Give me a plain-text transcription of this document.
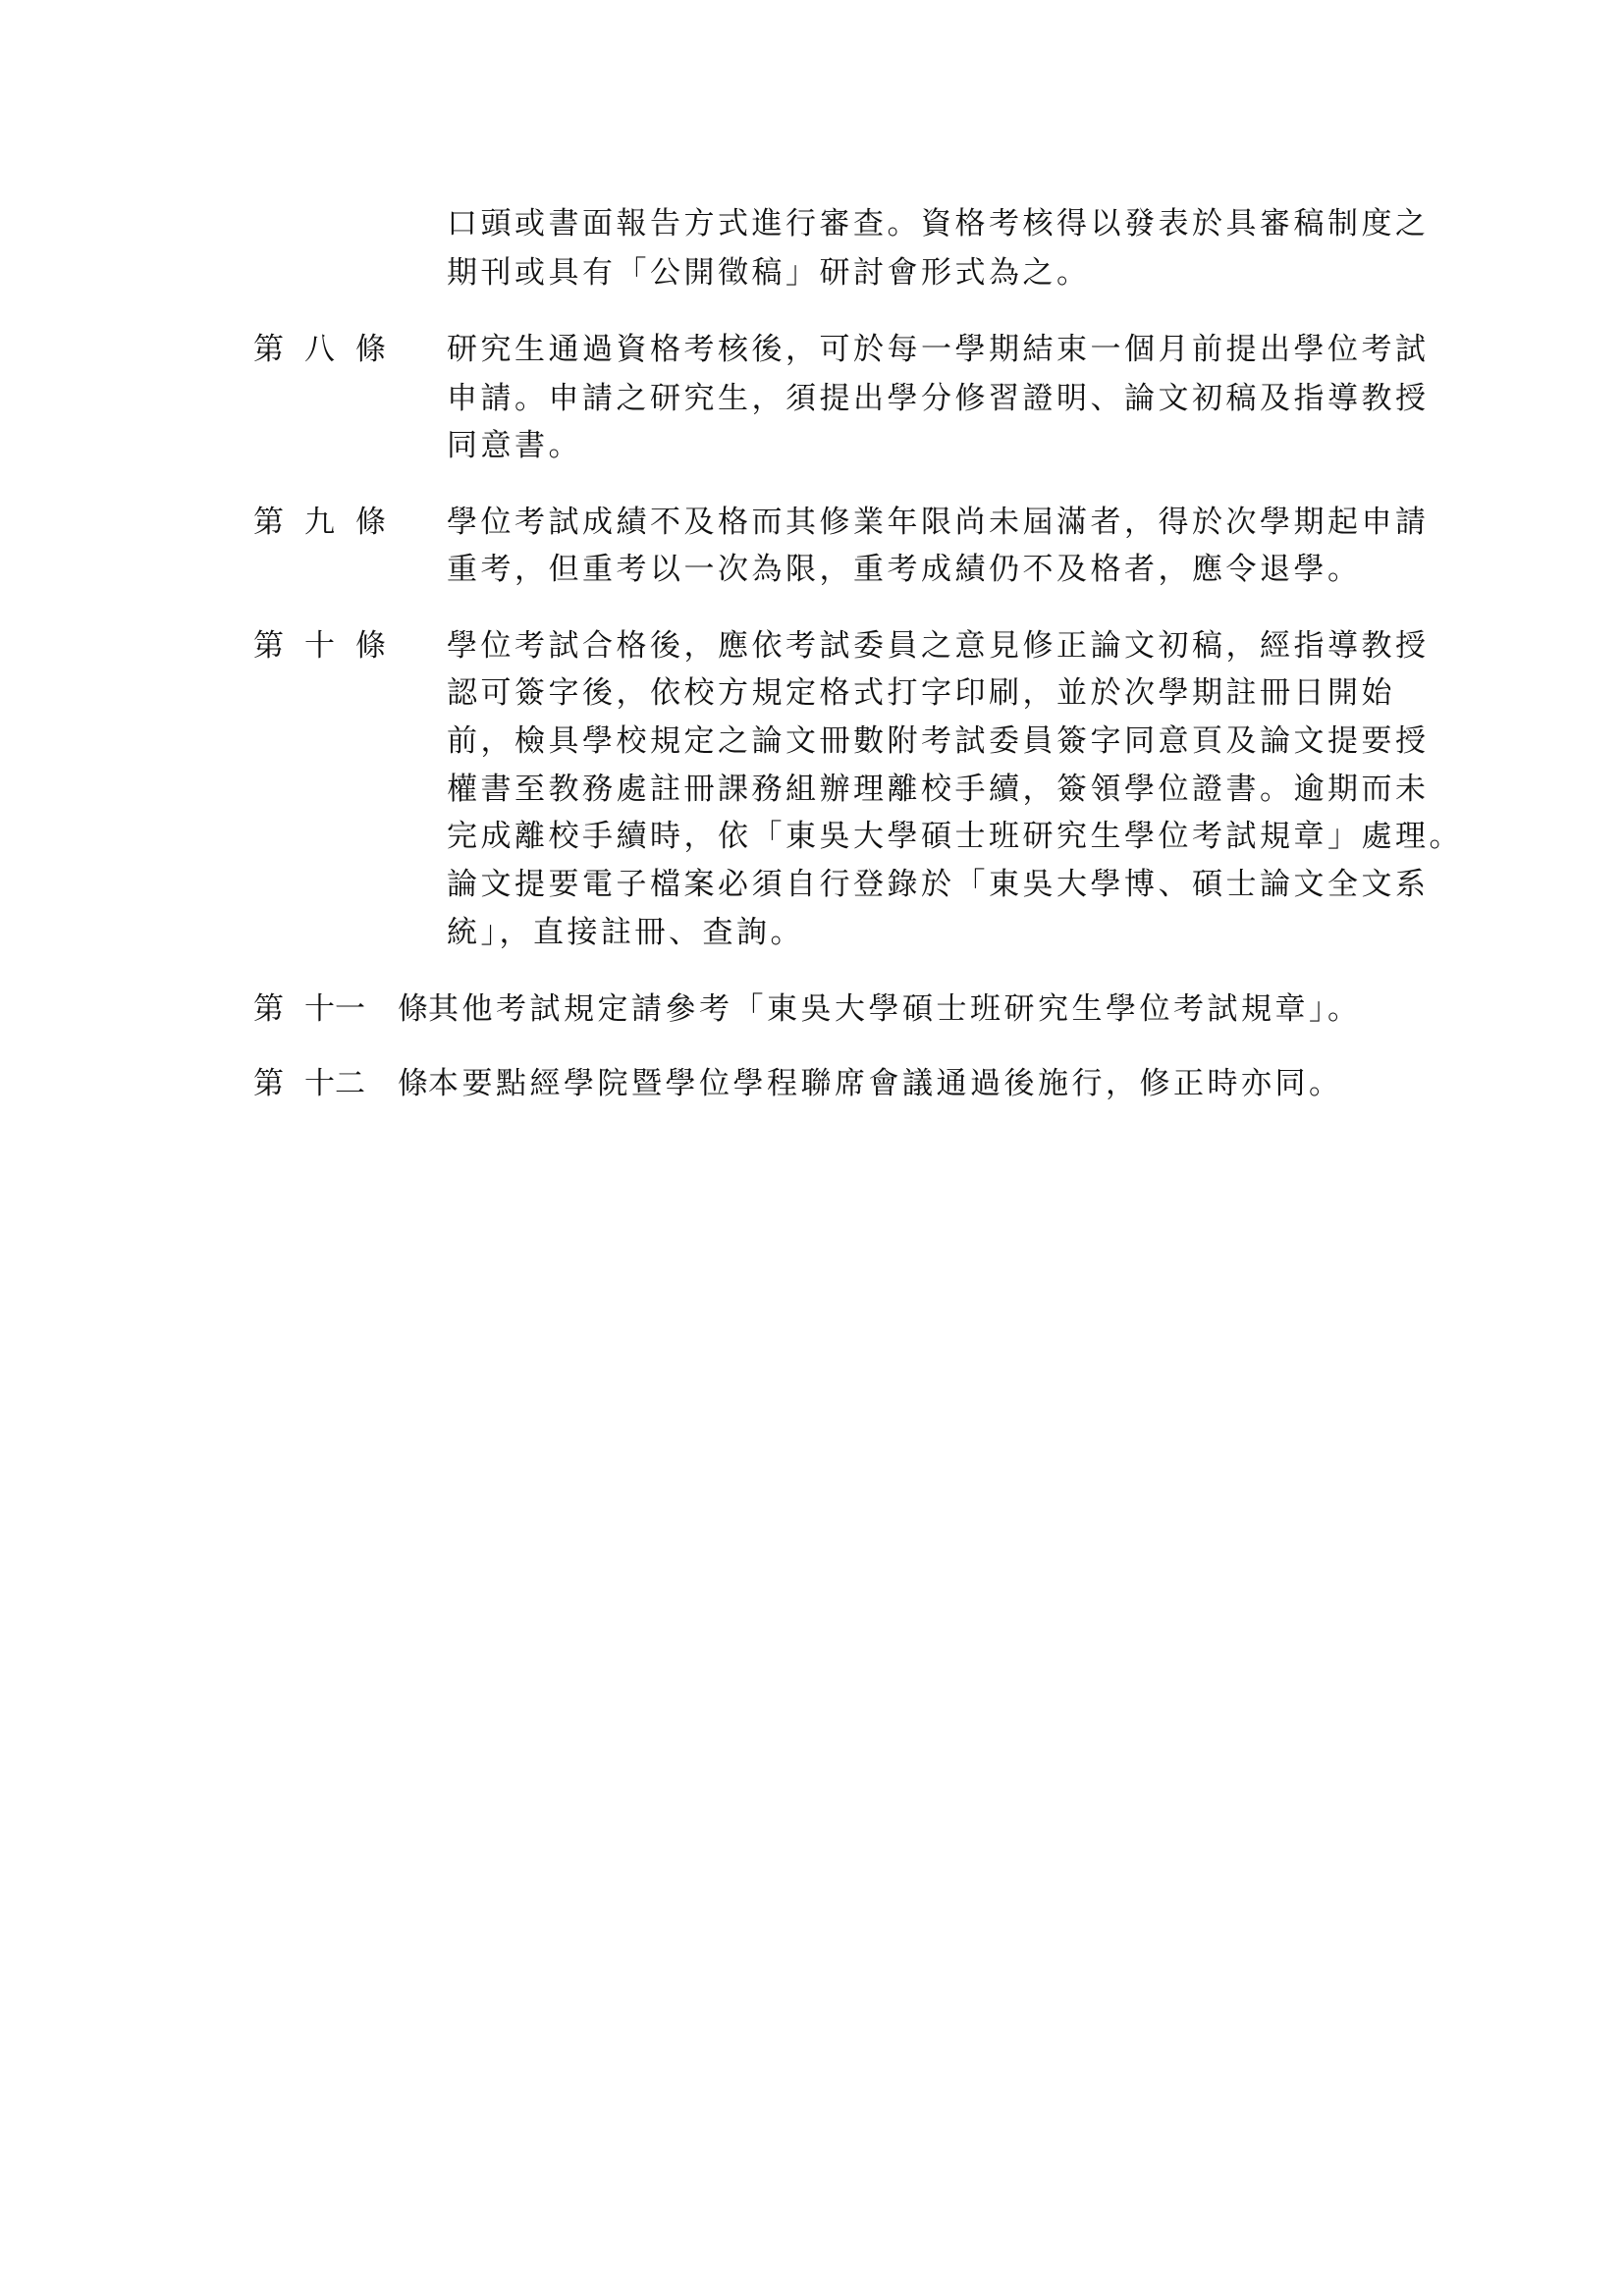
口頭或書面報告方式進行審查。資格考核得以發表於具審稿制度之
期刊或具有「公開徵稿」研討會形式為之。
第 八 條 研究生通過資格考核後，可於每一學期結束一個月前提出學位考試
申請。申請之研究生，須提出學分修習證明、論文初稿及指導教授
同意書。
第 九 條 學位考試成績不及格而其修業年限尚未屆滿者，得於次學期起申請
重考，但重考以一次為限，重考成績仍不及格者，應令退學。
第 十 條 學位考試合格後，應依考試委員之意見修正論文初稿，經指導教授
認可簽字後，依校方規定格式打字印刷，並於次學期註冊日開始
前，檢具學校規定之論文冊數附考試委員簽字同意頁及論文提要授
權書至教務處註冊課務組辦理離校手續，簽領學位證書。逾期而未
完成離校手續時，依「東吳大學碩士班研究生學位考試規章」處理。
論文提要電子檔案必須自行登錄於「東吳大學博、碩士論文全文系
統」，直接註冊、查詢。
第 十一 條 其他考試規定請參考「東吳大學碩士班研究生學位考試規章」。
第 十二 條 本要點經學院暨學位學程聯席會議通過後施行，修正時亦同。
